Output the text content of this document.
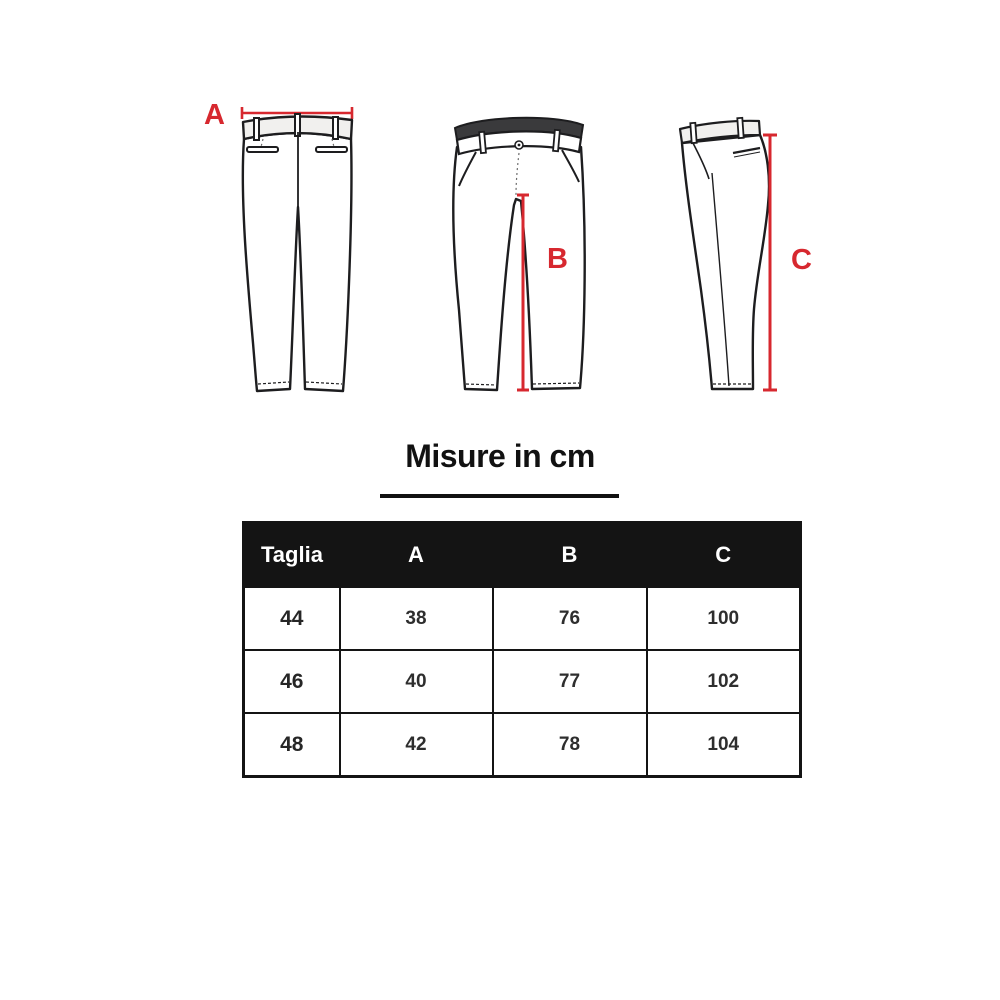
A
B	C
Misure in cm
Taglia	A	B	C
44	38	76	100
46	40	77	102
48	42	78	104
